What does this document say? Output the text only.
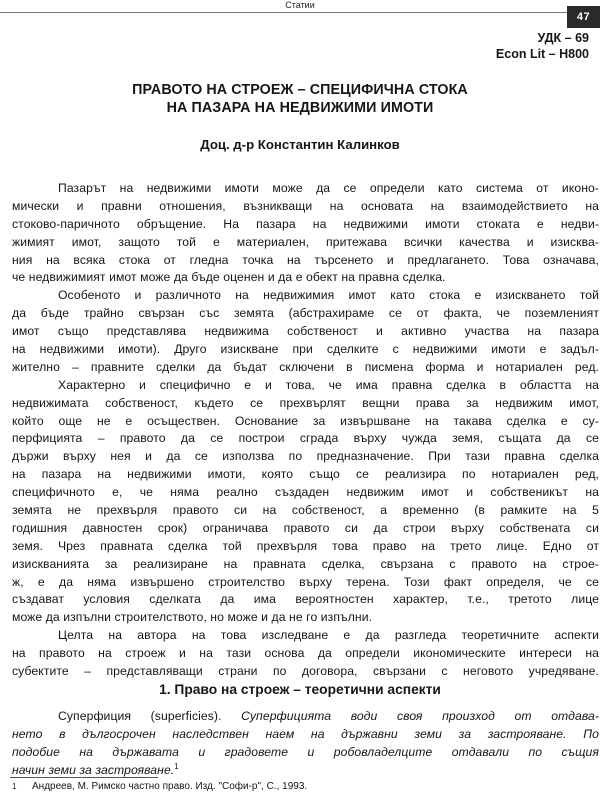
Статии
47
УДК – 69
Econ Lit – H800
ПРАВОТО НА СТРОЕЖ – СПЕЦИФИЧНА СТОКА
НА ПАЗАРА НА НЕДВИЖИМИ ИМОТИ
Доц. д-р Константин Калинков
Пазарът на недвижими имоти може да се определи като система от иконо-
мически и правни отношения, възникващи на основата на взаимодействието на
стоково-паричното обръщение. На пазара на недвижими имоти стоката е недви-
жимият имот, защото той е материален, притежава всички качества и изисква-
ния на всяка стока от гледна точка на търсенето и предлагането. Това означава,
че недвижимият имот може да бъде оценен и да е обект на правна сделка.
Особеното и различното на недвижимия имот като стока е изискването той
да бъде трайно свързан със земята (абстрахираме се от факта, че поземленият
имот също представлява недвижима собственост и активно участва на пазара
на недвижими имоти). Друго изискване при сделките с недвижими имоти е задъл-
жително – правните сделки да бъдат сключени в писмена форма и нотариален ред.
Характерно и специфично е и това, че има правна сделка в областта на
недвижимата собственост, където се прехвърлят вещни права за недвижим имот,
който още не е осъществен. Основание за извършване на такава сделка е су-
перфицията – правото да се построи сграда върху чужда земя, същата да се
държи върху нея и да се използва по предназначение. При тази правна сделка
на пазара на недвижими имоти, която също се реализира по нотариален ред,
специфичното е, че няма реално създаден недвижим имот и собственикът на
земята не прехвърля правото си на собственост, а временно (в рамките на 5
годишния давностен срок) ограничава правото си да строи върху собствената си
земя. Чрез правната сделка той прехвърля това право на трето лице. Едно от
изискванията за реализиране на правната сделка, свързана с правото на строе-
ж, е да няма извършено строителство върху терена. Този факт определя, че се
създават условия сделката да има вероятностен характер, т.е., третото лице
може да изпълни строителството, но може и да не го изпълни.
Целта на автора на това изследване е да разгледа теоретичните аспекти
на правото на строеж и на тази основа да определи икономическите интереси на
субектите – представляващи страни по договора, свързани с неговото учредяване.
1. Право на строеж – теоретични аспекти
Суперфиция (superficies). Суперфицията води своя произход от отдава-
нето в дългосрочен наследствен наем на държавни земи за застрояване. По
подобие на държавата и градовете и робовладелците отдавали по същия
начин земи за застрояване.$^1$
1 Андреев, М. Римско частно право. Изд. "Софи-р", С., 1993.
